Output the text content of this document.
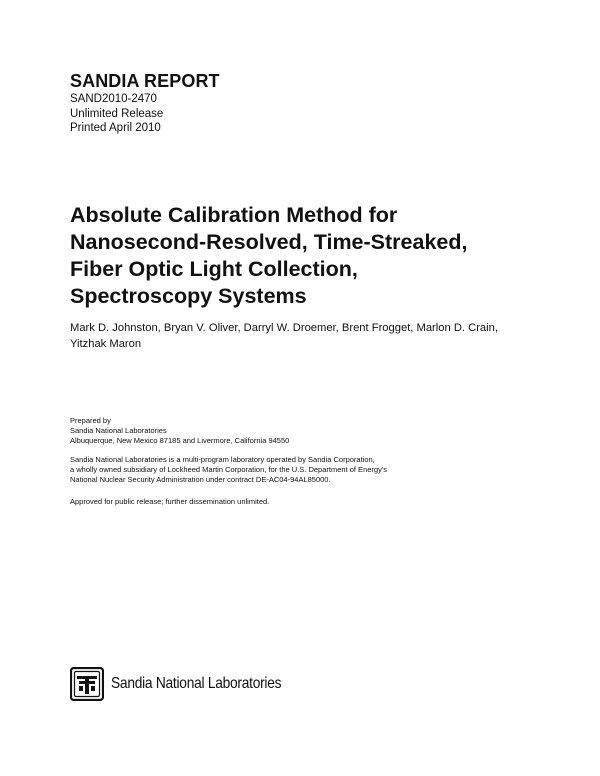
SANDIA REPORT
SAND2010-2470
Unlimited Release
Printed April 2010
Absolute Calibration Method for
Nanosecond-Resolved, Time-Streaked,
Fiber Optic Light Collection,
Spectroscopy Systems
Mark D. Johnston, Bryan V. Oliver, Darryl W. Droemer, Brent Frogget, Marlon D. Crain,
Yitzhak Maron
Prepared by
Sandia National Laboratories
Albuquerque, New Mexico 87185 and Livermore, California 94550
Sandia National Laboratories is a multi-program laboratory operated by Sandia Corporation,
a wholly owned subsidiary of Lockheed Martin Corporation, for the U.S. Department of Energy's
National Nuclear Security Administration under contract DE-AC04-94AL85000.
Approved for public release; further dissemination unlimited.
Sandia National Laboratories
